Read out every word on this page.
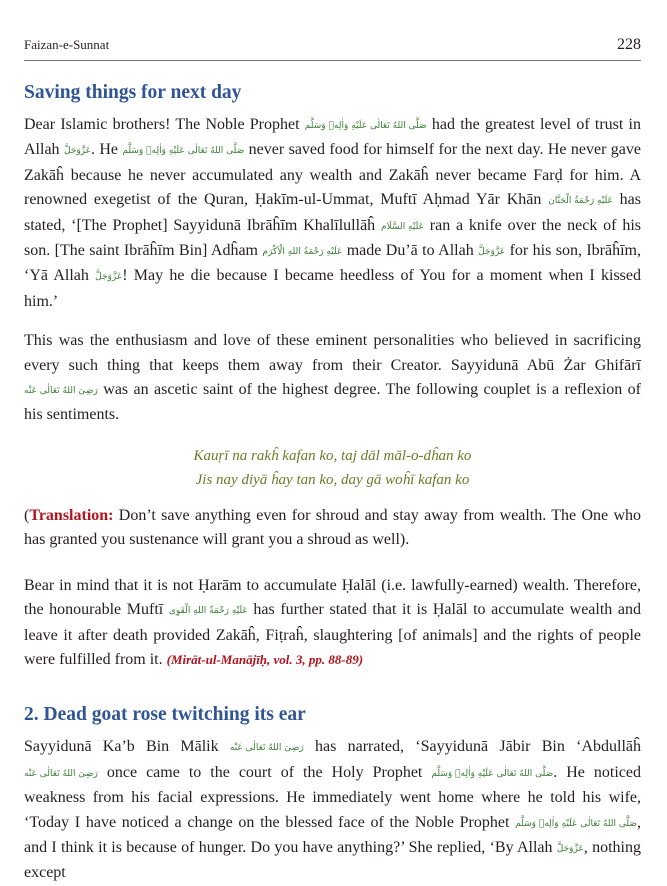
Faizan-e-Sunnat	228
Saving things for next day

Dear Islamic brothers! The Noble Prophet صَلَّى اللهُ تَعَالٰى عَلَيْهِ وَاٰلِهٖ وَسَلَّم had the greatest level of trust in Allah عَزَّوَجَلَّ. He صَلَّى اللهُ تَعَالٰى عَلَيْهِ وَاٰلِهٖ وَسَلَّم never saved food for himself for the next day. He never gave Zakāĥ because he never accumulated any wealth and Zakāĥ never became Farḍ for him. A renowned exegetist of the Quran, Ḥakīm-ul-Ummat, Muftī Aḥmad Yār Khān عَلَيْهِ رَحْمَةُ الْحَنَّان has stated, ‘[The Prophet] Sayyidunā Ibrāĥīm Khalīlullāĥ عَلَيْهِ السَّلَام ran a knife over the neck of his son. [The saint Ibrāĥīm Bin] Adĥam عَلَيْهِ رَحْمَةُ اللهِ الْاَكْرَم made Du’ā to Allah عَزَّوَجَلَّ for his son, Ibrāĥīm, ‘Yā Allah عَزَّوَجَلَّ! May he die because I became heedless of You for a moment when I kissed him.’

This was the enthusiasm and love of these eminent personalities who believed in sacrificing every such thing that keeps them away from their Creator. Sayyidunā Abū Żar Ghifārī رَضِىَ اللهُ تَعَالٰى عَنْه was an ascetic saint of the highest degree. The following couplet is a reflexion of his sentiments.

Kauṛī na rakĥ kafan ko, taj dāl māl-o-dĥan ko
Jis nay diyā ĥay tan ko, day gā woĥī kafan ko

(Translation: Don’t save anything even for shroud and stay away from wealth. The One who has granted you sustenance will grant you a shroud as well).

Bear in mind that it is not Ḥarām to accumulate Ḥalāl (i.e. lawfully-earned) wealth. Therefore, the honourable Muftī عَلَيْهِ رَحْمَةُ اللهِ الْقَوِی has further stated that it is Ḥalāl to accumulate wealth and leave it after death provided Zakāĥ, Fiṭraĥ, slaughtering [of animals] and the rights of people were fulfilled from it. (Mirāt-ul-Manājīḥ, vol. 3, pp. 88-89)

2. Dead goat rose twitching its ear

Sayyidunā Ka’b Bin Mālik رَضِىَ اللهُ تَعَالٰى عَنْه has narrated, ‘Sayyidunā Jābir Bin ‘Abdullāĥ رَضِىَ اللهُ تَعَالٰى عَنْه once came to the court of the Holy Prophet صَلَّى اللهُ تَعَالٰى عَلَيْهِ وَاٰلِهٖ وَسَلَّم. He noticed weakness from his facial expressions. He immediately went home where he told his wife, ‘Today I have noticed a change on the blessed face of the Noble Prophet صَلَّى اللهُ تَعَالٰى عَلَيْهِ وَاٰلِهٖ وَسَلَّم, and I think it is because of hunger. Do you have anything?’ She replied, ‘By Allah عَزَّوَجَلَّ, nothing except
